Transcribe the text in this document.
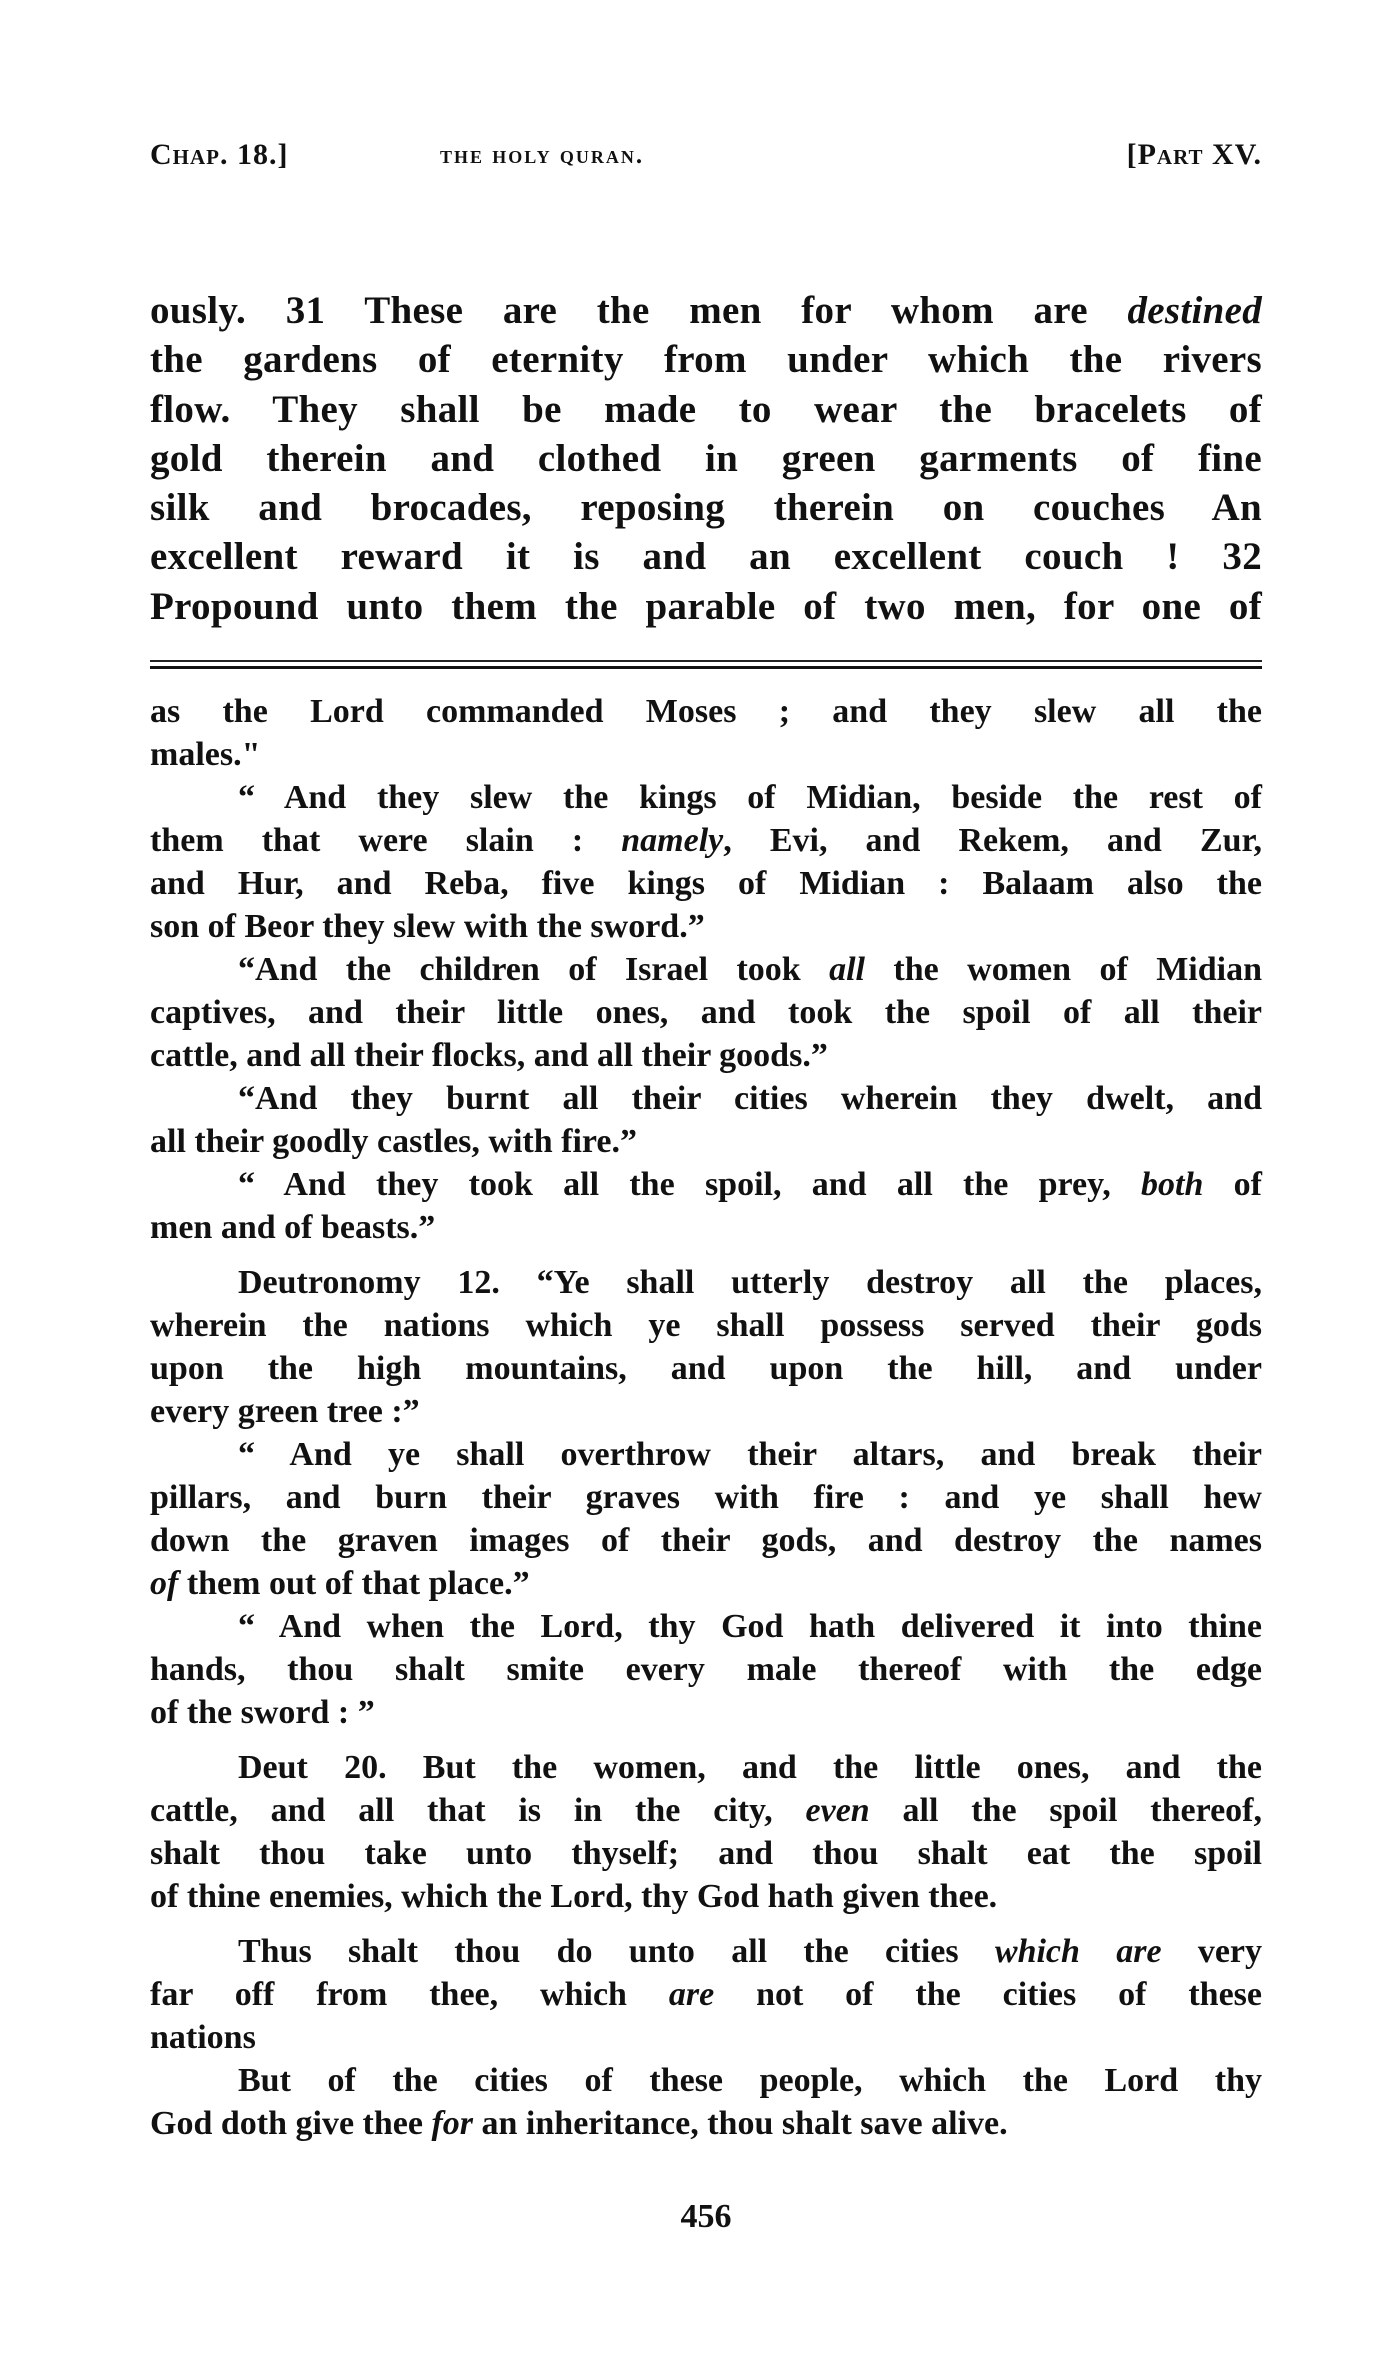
Chap. 18.]	the holy quran.	[Part XV.
ously. 31 These are the men for whom are destined
the gardens of eternity from under which the rivers
flow. They shall be made to wear the bracelets of
gold therein and clothed in green garments of fine
silk and brocades, reposing therein on couches An
excellent reward it is and an excellent couch ! 32
Propound unto them the parable of two men, for one of
as the Lord commanded Moses ; and they slew all the
males."
“ And they slew the kings of Midian, beside the rest of
them that were slain : namely, Evi, and Rekem, and Zur,
and Hur, and Reba, five kings of Midian : Balaam also the
son of Beor they slew with the sword.”
“And the children of Israel took all the women of Midian
captives, and their little ones, and took the spoil of all their
cattle, and all their flocks, and all their goods.”
“And they burnt all their cities wherein they dwelt, and
all their goodly castles, with fire.”
“ And they took all the spoil, and all the prey, both of
men and of beasts.”
Deutronomy 12. “Ye shall utterly destroy all the places,
wherein the nations which ye shall possess served their gods
upon the high mountains, and upon the hill, and under
every green tree :”
“ And ye shall overthrow their altars, and break their
pillars, and burn their graves with fire : and ye shall hew
down the graven images of their gods, and destroy the names
of them out of that place.”
“ And when the Lord, thy God hath delivered it into thine
hands, thou shalt smite every male thereof with the edge
of the sword : ”
Deut 20. But the women, and the little ones, and the
cattle, and all that is in the city, even all the spoil thereof,
shalt thou take unto thyself; and thou shalt eat the spoil
of thine enemies, which the Lord, thy God hath given thee.
Thus shalt thou do unto all the cities which are very
far off from thee, which are not of the cities of these
nations
But of the cities of these people, which the Lord thy
God doth give thee for an inheritance, thou shalt save alive.
456
